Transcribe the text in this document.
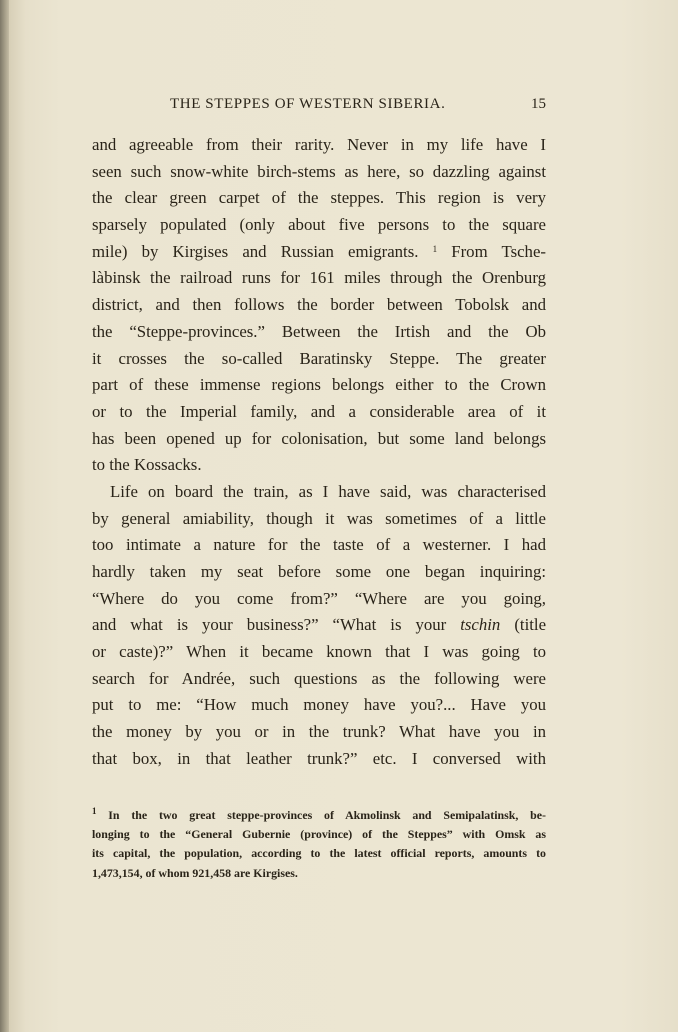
THE STEPPES OF WESTERN SIBERIA.	15
and agreeable from their rarity. Never in my life have I
seen such snow-white birch-stems as here, so dazzling against
the clear green carpet of the steppes. This region is very
sparsely populated (only about five persons to the square
mile) by Kirgises and Russian emigrants. $^1$ From Tsche-
làbinsk the railroad runs for 161 miles through the Orenburg
district, and then follows the border between Tobolsk and
the “Steppe-provinces.” Between the Irtish and the Ob
it crosses the so-called Baratinsky Steppe. The greater
part of these immense regions belongs either to the Crown
or to the Imperial family, and a considerable area of it
has been opened up for colonisation, but some land belongs
to the Kossacks.
Life on board the train, as I have said, was characterised
by general amiability, though it was sometimes of a little
too intimate a nature for the taste of a westerner. I had
hardly taken my seat before some one began inquiring:
“Where do you come from?” “Where are you going,
and what is your business?” “What is your tschin (title
or caste)?” When it became known that I was going to
search for Andrée, such questions as the following were
put to me: “How much money have you?... Have you
the money by you or in the trunk? What have you in
that box, in that leather trunk?” etc. I conversed with
$^1$ In the two great steppe-provinces of Akmolinsk and Semipalatinsk, be-
longing to the “General Gubernie (province) of the Steppes” with Omsk as
its capital, the population, according to the latest official reports, amounts to
1,473,154, of whom 921,458 are Kirgises.
